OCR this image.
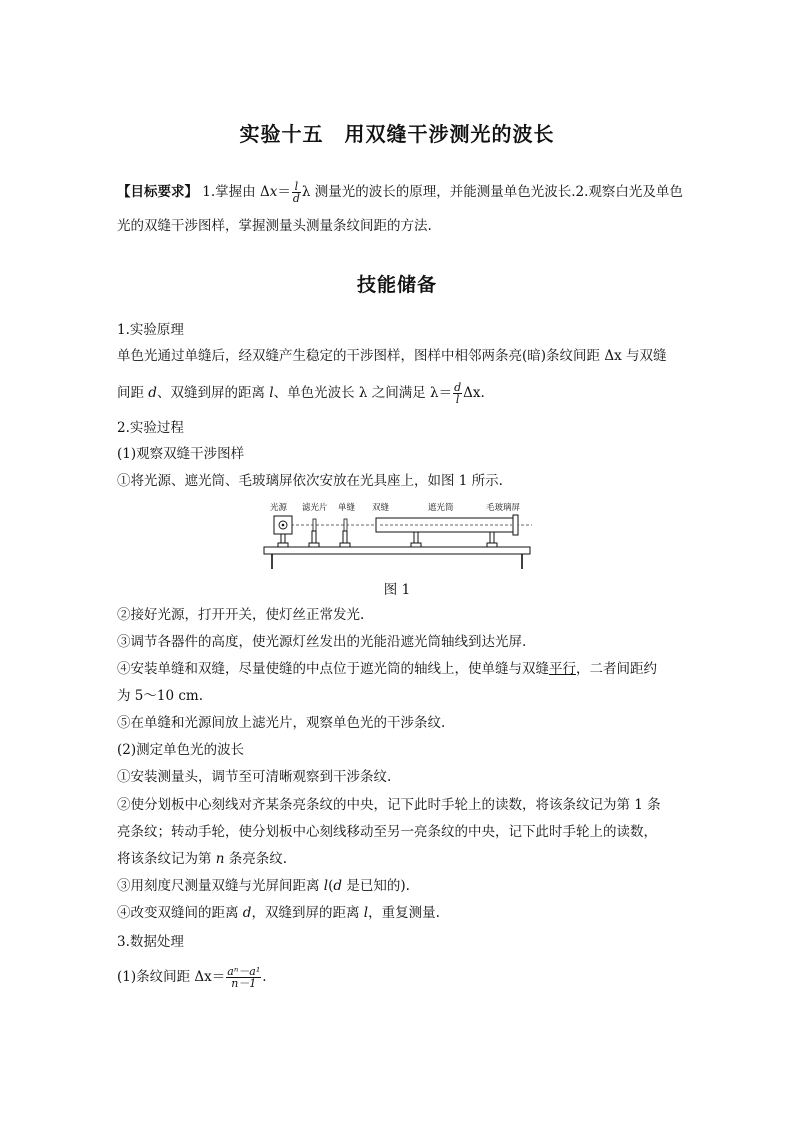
实验十五　用双缝干涉测光的波长
【目标要求】 1.掌握由 $\Delta x= \frac{l}{d}$ λ 测量光的波长的原理，并能测量单色光波长.2.观察白光及单色
光的双缝干涉图样，掌握测量头测量条纹间距的方法.
技能储备
1.实验原理
单色光通过单缝后，经双缝产生稳定的干涉图样，图样中相邻两条亮(暗)条纹间距 Δx 与双缝
间距 d、双缝到屏的距离 l、单色光波长 λ 之间满足 $\lambda= \frac{d}{l} \Delta x$.
2.实验过程
(1)观察双缝干涉图样
①将光源、遮光筒、毛玻璃屏依次安放在光具座上，如图 1 所示.
光源 滤光片 单缝 双缝	遮光筒	毛玻璃屏
图 1
②接好光源，打开开关，使灯丝正常发光.
③调节各器件的高度，使光源灯丝发出的光能沿遮光筒轴线到达光屏.
④安装单缝和双缝，尽量使缝的中点位于遮光筒的轴线上，使单缝与双缝平行，二者间距约
为 5～10 cm.
⑤在单缝和光源间放上滤光片，观察单色光的干涉条纹.
(2)测定单色光的波长
①安装测量头，调节至可清晰观察到干涉条纹.
②使分划板中心刻线对齐某条亮条纹的中央，记下此时手轮上的读数，将该条纹记为第 1 条
亮条纹；转动手轮，使分划板中心刻线移动至另一亮条纹的中央，记下此时手轮上的读数，
将该条纹记为第 n 条亮条纹.
③用刻度尺测量双缝与光屏间距离 l(d 是已知的).
④改变双缝间的距离 d，双缝到屏的距离 l，重复测量.
3.数据处理
(1)条纹间距 $\Delta x= \frac{\text{aⁿ－a¹}}{n-1}$ .
